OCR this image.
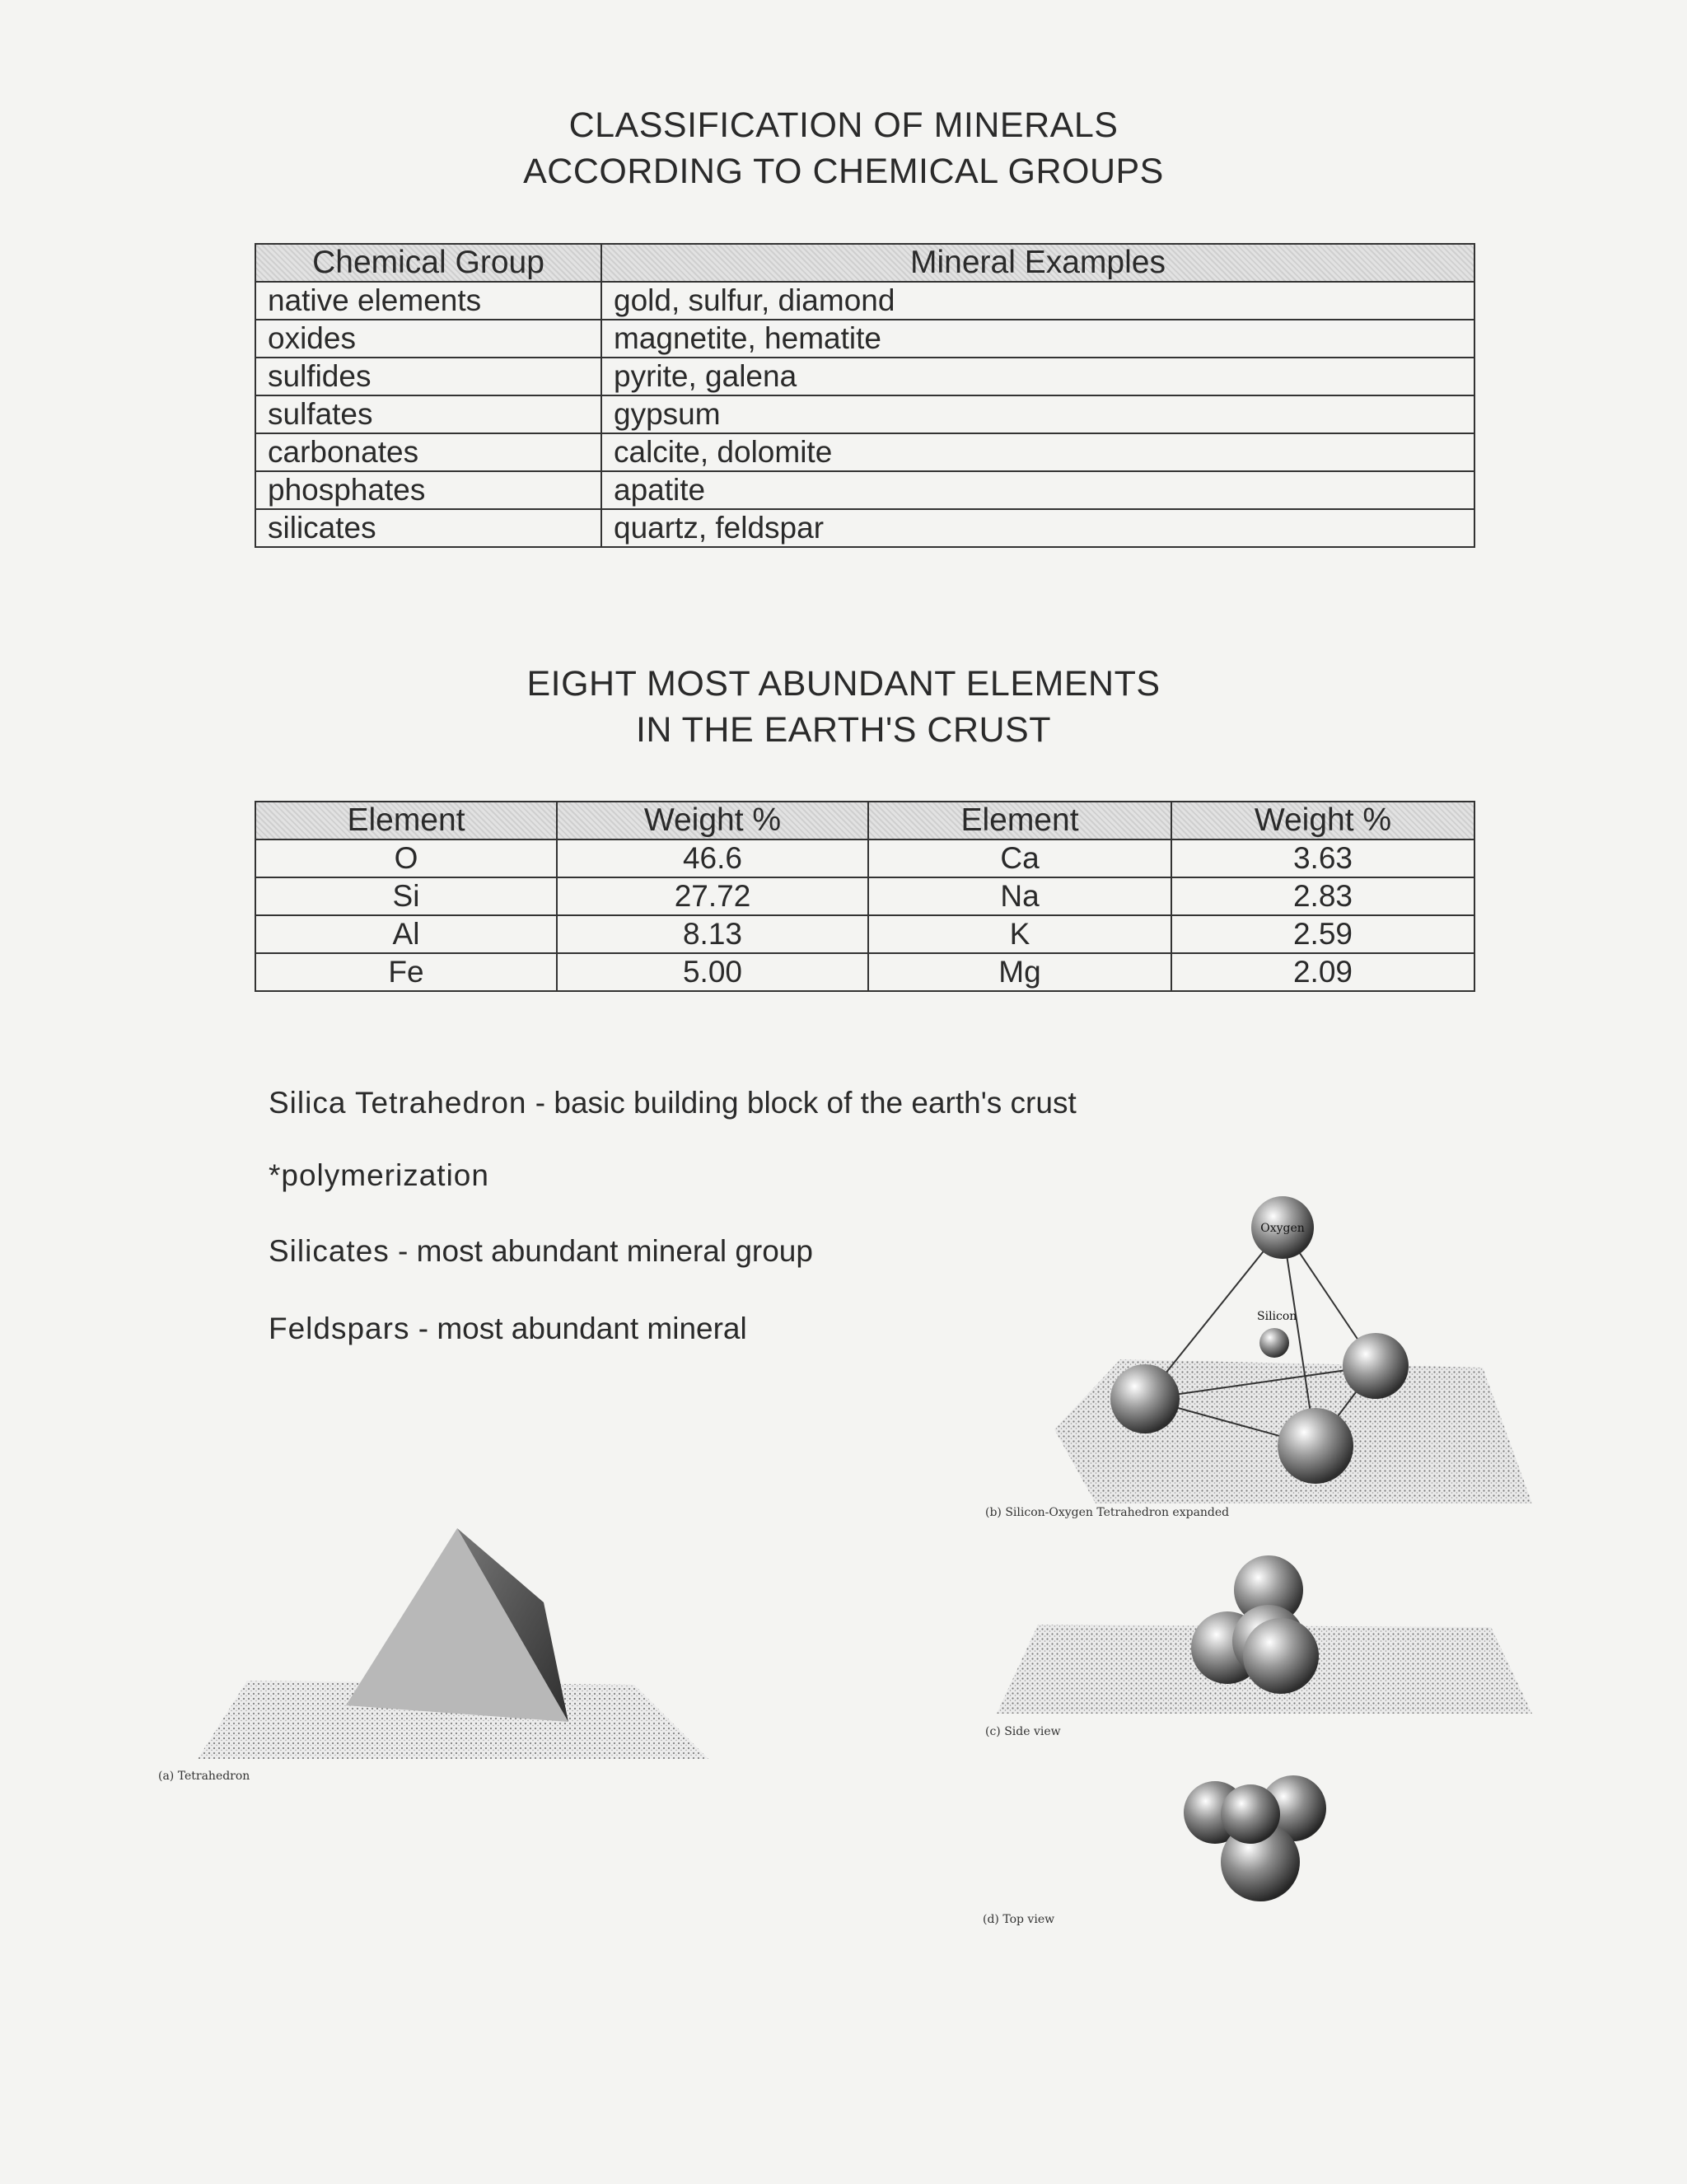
CLASSIFICATION OF MINERALS
ACCORDING TO CHEMICAL GROUPS
Chemical Group	Mineral Examples
native elements	gold, sulfur, diamond
oxides	magnetite, hematite
sulfides	pyrite, galena
sulfates	gypsum
carbonates	calcite, dolomite
phosphates	apatite
silicates	quartz, feldspar
EIGHT MOST ABUNDANT ELEMENTS
IN THE EARTH'S CRUST
Element	Weight %	Element	Weight %
O	46.6	Ca	3.63
Si	27.72	Na	2.83
Al	8.13	K	2.59
Fe	5.00	Mg	2.09
Silica Tetrahedron - basic building block of the earth's crust
*polymerization
Silicates - most abundant mineral group
Feldspars - most abundant mineral
Oxygen
Silicon
(b) Silicon-Oxygen Tetrahedron expanded
(a) Tetrahedron
(c) Side view
(d) Top view
